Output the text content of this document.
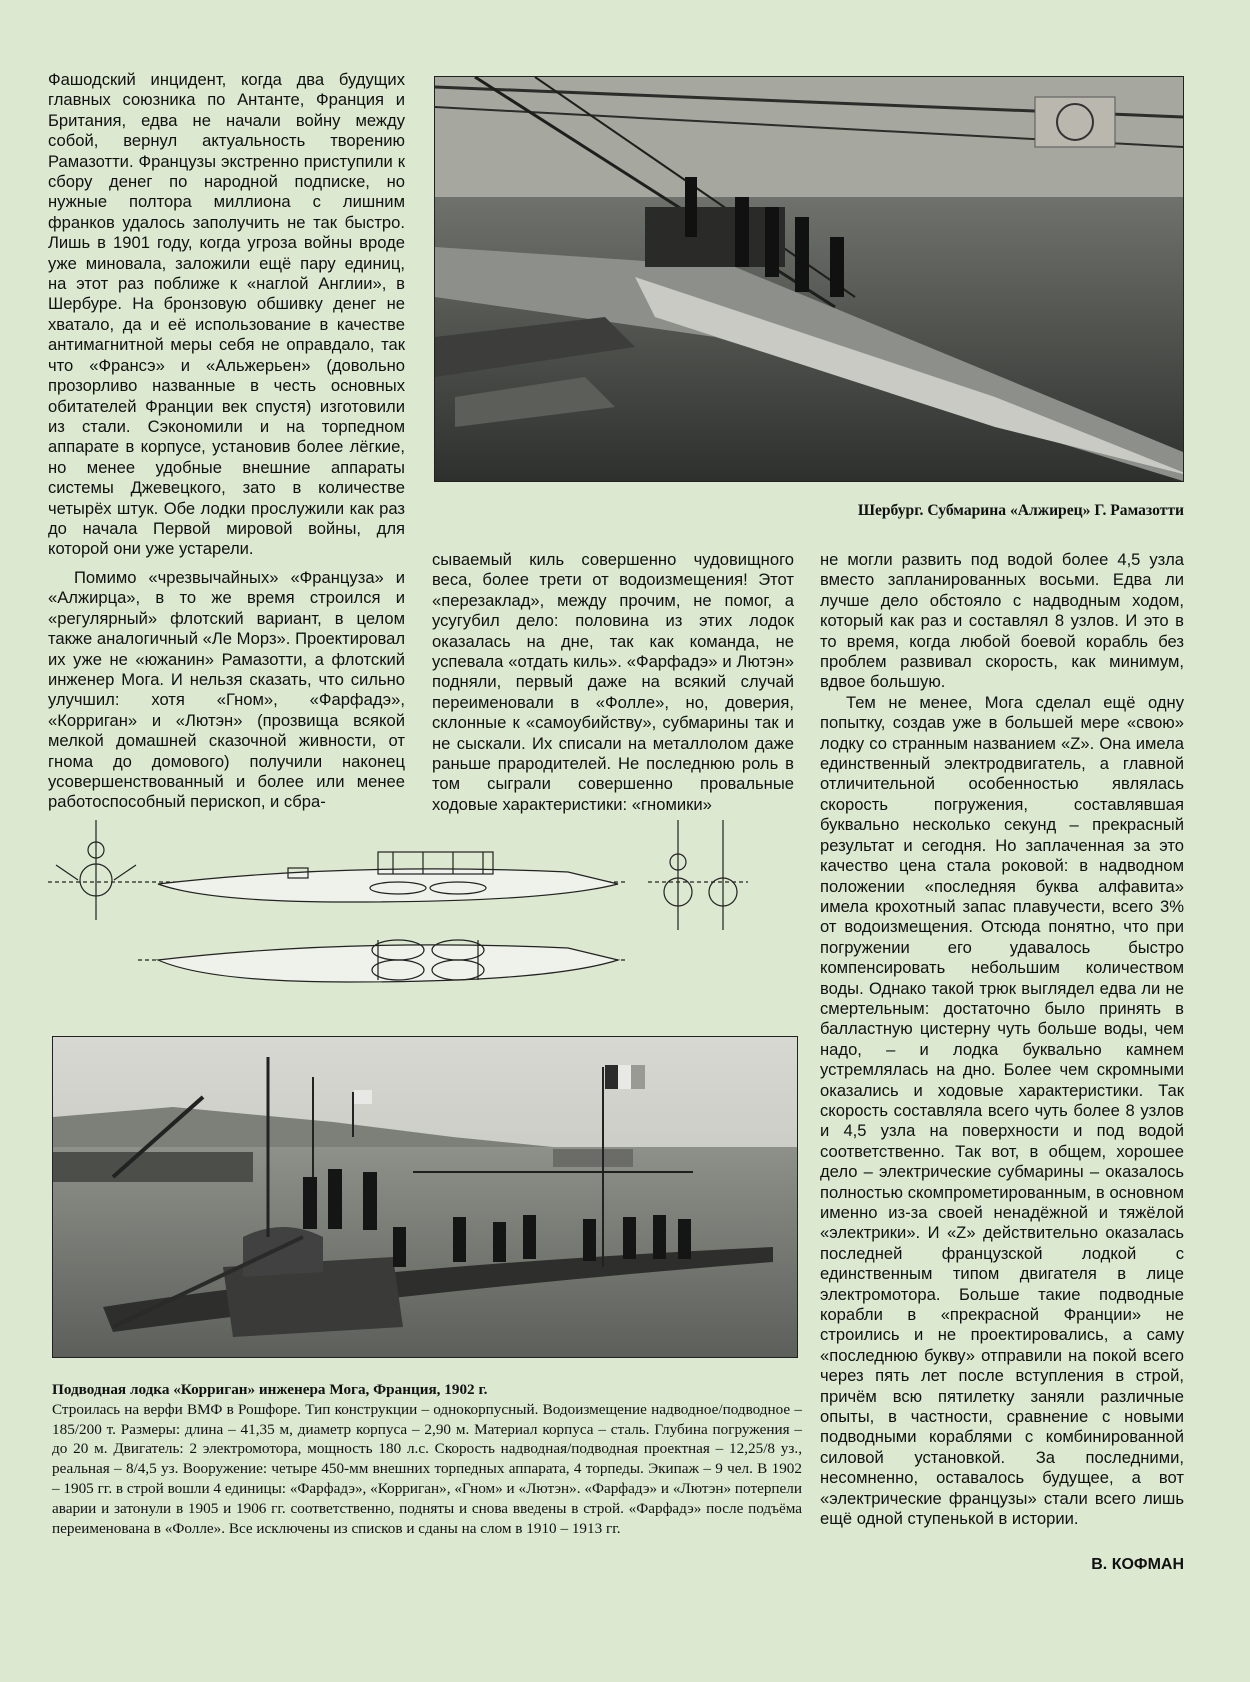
Фашодский инцидент, когда два будущих главных союзника по Антанте, Франция и Британия, едва не начали войну между собой, вернул актуальность творению Рамазотти. Французы экстренно приступили к сбору денег по народной подписке, но нужные полтора миллиона с лишним франков удалось заполучить не так быстро. Лишь в 1901 году, когда угроза войны вроде уже миновала, заложили ещё пару единиц, на этот раз поближе к «наглой Англии», в Шербуре. На бронзовую обшивку денег не хватало, да и её использование в качестве антимагнитной меры себя не оправдало, так что «Франсэ» и «Альжерьен» (довольно прозорливо названные в честь основных обитателей Франции век спустя) изготовили из стали. Сэкономили и на торпедном аппарате в корпусе, установив более лёгкие, но менее удобные внешние аппараты системы Джевецкого, зато в количестве четырёх штук. Обе лодки прослужили как раз до начала Первой мировой войны, для которой они уже устарели.

Помимо «чрезвычайных» «Француза» и «Алжирца», в то же время строился и «регулярный» флотский вариант, в целом также аналогичный «Ле Морз». Проектировал их уже не «южанин» Рамазотти, а флотский инженер Мога. И нельзя сказать, что сильно улучшил: хотя «Гном», «Фарфадэ», «Корриган» и «Лютэн» (прозвища всякой мелкой домашней сказочной живности, от гнома до домового) получили наконец усовершенствованный и более или менее работоспособный перископ, и сбра-

сываемый киль совершенно чудовищного веса, более трети от водоизмещения! Этот «перезаклад», между прочим, не помог, а усугубил дело: половина из этих лодок оказалась на дне, так как команда, не успевала «отдать киль». «Фарфадэ» и Лютэн» подняли, первый даже на всякий случай переименовали в «Фолле», но, доверия, склонные к «самоубийству», субмарины так и не сыскали. Их списали на металлолом даже раньше прародителей. Не последнюю роль в том сыграли совершенно провальные ходовые характеристики: «гномики»

не могли развить под водой более 4,5 узла вместо запланированных восьми. Едва ли лучше дело обстояло с надводным ходом, который как раз и составлял 8 узлов. И это в то время, когда любой боевой корабль без проблем развивал скорость, как минимум, вдвое большую.

Тем не менее, Мога сделал ещё одну попытку, создав уже в большей мере «свою» лодку со странным названием «Z». Она имела единственный электродвигатель, а главной отличительной особенностью являлась скорость погружения, составлявшая буквально несколько секунд – прекрасный результат и сегодня. Но заплаченная за это качество цена стала роковой: в надводном положении «последняя буква алфавита» имела крохотный запас плавучести, всего 3% от водоизмещения. Отсюда понятно, что при погружении его удавалось быстро компенсировать небольшим количеством воды. Однако такой трюк выглядел едва ли не смертельным: достаточно было принять в балластную цистерну чуть больше воды, чем надо, – и лодка буквально камнем устремлялась на дно. Более чем скромными оказались и ходовые характеристики. Так скорость составляла всего чуть более 8 узлов и 4,5 узла на поверхности и под водой соответственно. Так вот, в общем, хорошее дело – электрические субмарины – оказалось полностью скомпрометированным, в основном именно из-за своей ненадёжной и тяжёлой «электрики». И «Z» действительно оказалась последней французской лодкой с единственным типом двигателя в лице электромотора. Больше такие подводные корабли в «прекрасной Франции» не строились и не проектировались, а саму «последнюю букву» отправили на покой всего через пять лет после вступления в строй, причём всю пятилетку заняли различные опыты, в частности, сравнение с новыми подводными кораблями с комбинированной силовой установкой. За последними, несомненно, оставалось будущее, а вот «электрические французы» стали всего лишь ещё одной ступенькой в истории.

Шербург. Субмарина «Алжирец» Г. Рамазотти
Подводная лодка «Корриган» инженера Мога, Франция, 1902 г.
Строилась на верфи ВМФ в Рошфоре. Тип конструкции – однокорпусный. Водоизмещение надводное/подводное – 185/200 т. Размеры: длина – 41,35 м, диаметр корпуса – 2,90 м. Материал корпуса – сталь. Глубина погружения – до 20 м. Двигатель: 2 электромотора, мощность 180 л.с. Скорость надводная/подводная проектная – 12,25/8 уз., реальная – 8/4,5 уз. Вооружение: четыре 450-мм внешних торпедных аппарата, 4 торпеды. Экипаж – 9 чел. В 1902 – 1905 гг. в строй вошли 4 единицы: «Фарфадэ», «Корриган», «Гном» и «Лютэн». «Фарфадэ» и «Лютэн» потерпели аварии и затонули в 1905 и 1906 гг. соответственно, подняты и снова введены в строй. «Фарфадэ» после подъёма переименована в «Фолле». Все исключены из списков и сданы на слом в 1910 – 1913 гг.
В. КОФМАН
